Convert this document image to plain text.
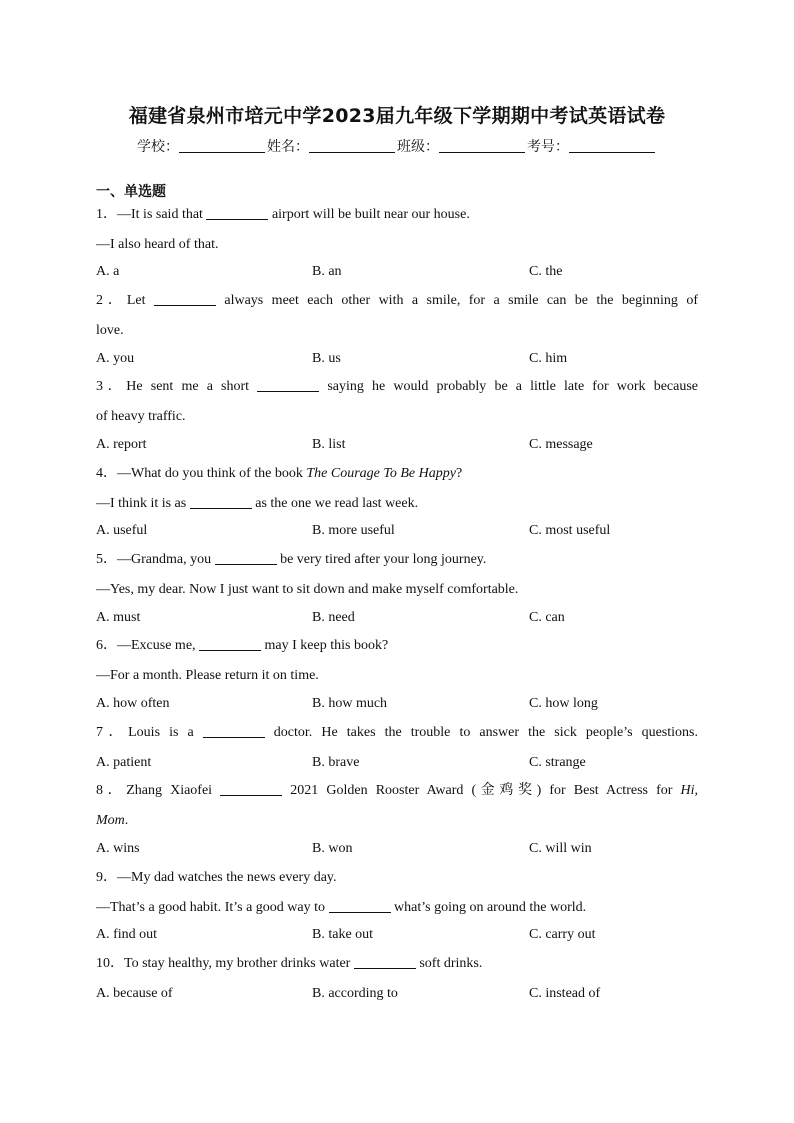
福建省泉州市培元中学2023届九年级下学期期中考试英语试卷
学校：	姓名：	班级：	考号：
一、单选题
1．—It is said that	airport will be built near our house.
—I also heard of that.
A. a	B. an	C. the
2．Let	always meet each other with a smile, for a smile can be the beginning of
love.
A. you	B. us	C. him
3．He sent me a short	saying he would probably be a little late for work because
of heavy traffic.
A. report	B. list	C. message
4．—What do you think of the book The Courage To Be Happy?
—I think it is as	as the one we read last week.
A. useful	B. more useful	C. most useful
5．—Grandma, you	be very tired after your long journey.
—Yes, my dear. Now I just want to sit down and make myself comfortable.
A. must	B. need	C. can
6．—Excuse me,	may I keep this book?
—For a month. Please return it on time.
A. how often	B. how much	C. how long
7．Louis is a	doctor. He takes the trouble to answer the sick people’s questions.
A. patient	B. brave	C. strange
8．Zhang Xiaofei	2021 Golden Rooster Award (金鸡奖) for Best Actress for Hi,
Mom.
A. wins	B. won	C. will win
9．—My dad watches the news every day.
—That’s a good habit. It’s a good way to	what’s going on around the world.
A. find out	B. take out	C. carry out
10．To stay healthy, my brother drinks water	soft drinks.
A. because of	B. according to	C. instead of
